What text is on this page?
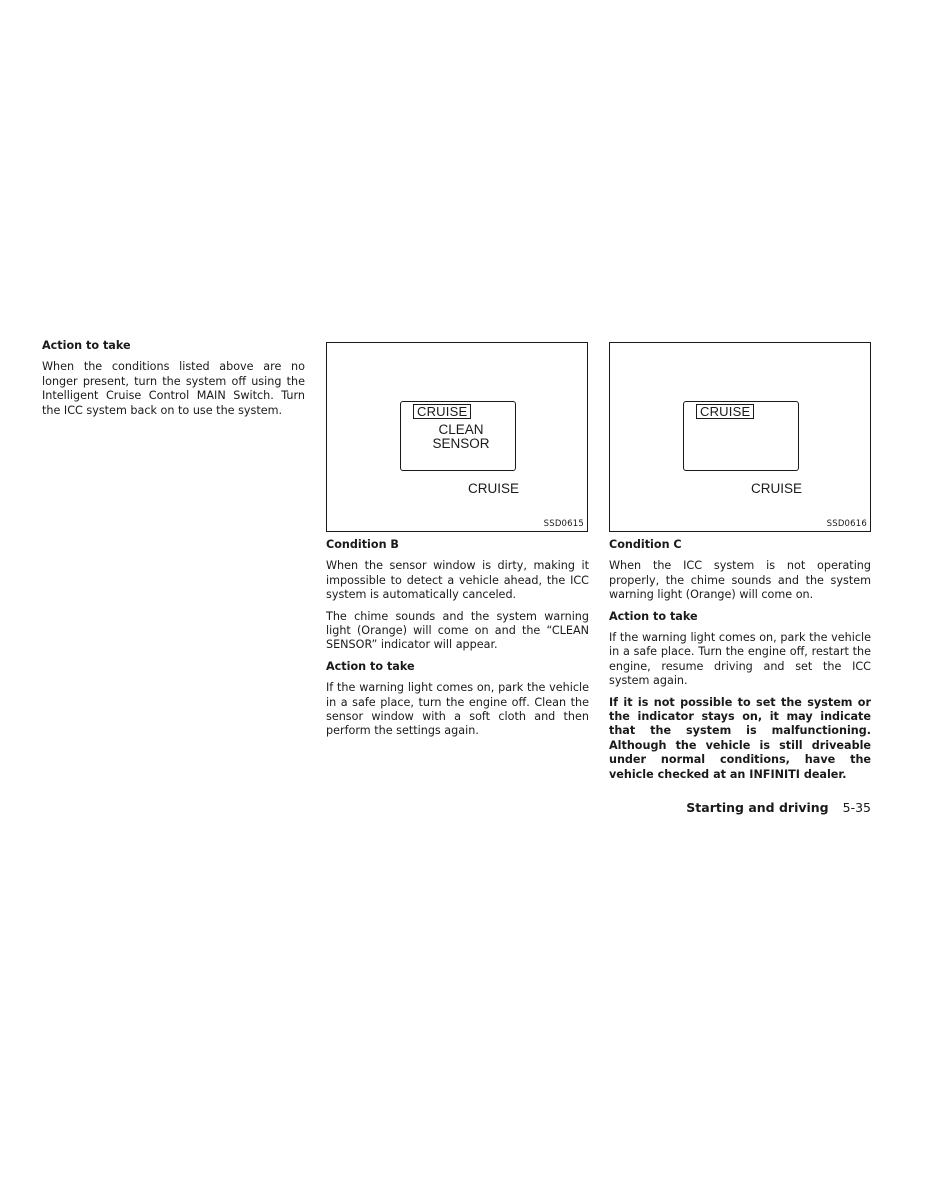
Action to take

When the conditions listed above are no longer present, turn the system off using the Intelligent Cruise Control MAIN Switch. Turn the ICC system back on to use the system.	CRUISE
CLEAN
SENSOR
CRUISE
SSD0615
CRUISE
CRUISE
SSD0616

Condition B

When the sensor window is dirty, making it impossible to detect a vehicle ahead, the ICC system is automatically canceled.

The chime sounds and the system warning light (Orange) will come on and the “CLEAN SENSOR” indicator will appear.

Action to take

If the warning light comes on, park the vehicle in a safe place, turn the engine off. Clean the sensor window with a soft cloth and then perform the settings again.

Condition C

When the ICC system is not operating properly, the chime sounds and the system warning light (Orange) will come on.

Action to take

If the warning light comes on, park the vehicle in a safe place. Turn the engine off, restart the engine, resume driving and set the ICC system again.

If it is not possible to set the system or the indicator stays on, it may indicate that the system is malfunctioning. Although the vehicle is still driveable under normal conditions, have the vehicle checked at an INFINITI dealer.

Starting and driving 5-35
